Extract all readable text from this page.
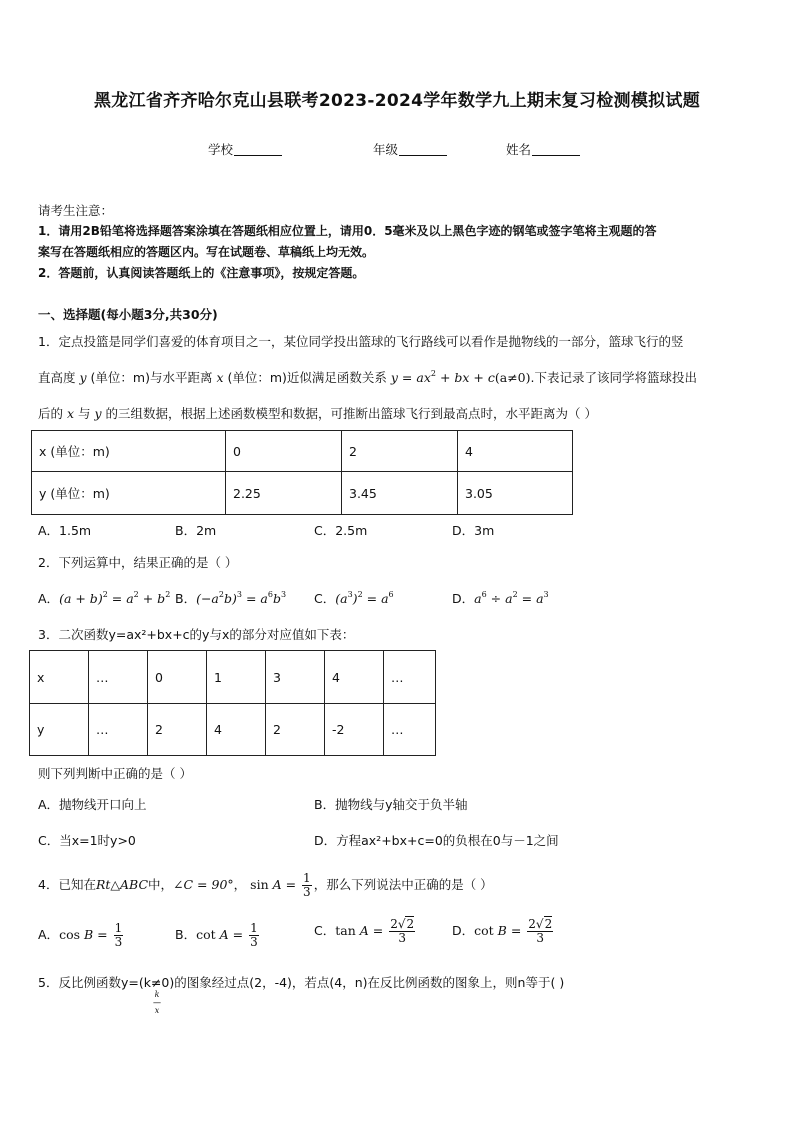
黑龙江省齐齐哈尔克山县联考2023-2024学年数学九上期末复习检测模拟试题
学校	年级	姓名
请考生注意：
1．请用2B铅笔将选择题答案涂填在答题纸相应位置上，请用0．5毫米及以上黑色字迹的钢笔或签字笔将主观题的答
案写在答题纸相应的答题区内。写在试题卷、草稿纸上均无效。
2．答题前，认真阅读答题纸上的《注意事项》，按规定答题。
一、选择题(每小题3分,共30分)
1．定点投篮是同学们喜爱的体育项目之一，某位同学投出篮球的飞行路线可以看作是抛物线的一部分，篮球飞行的竖
直高度 y (单位：m)与水平距离 x (单位：m)近似满足函数关系 $y = ax^2$ + bx + c(a≠0).下表记录了该同学将篮球投出
后的 x 与 y 的三组数据，根据上述函数模型和数据，可推断出篮球飞行到最高点时，水平距离为（ ）
x (单位：m)	0	2	4
y (单位：m)	2.25	3.45	3.05
A．1.5m	B．2m	C．2.5m	D．3m
2．下列运算中，结果正确的是（ ）
A．$(a + b)^2 = a^2 + b^2$ B．$(-a^2b)^3 = a^6b^3$ C．$(a^3)^2 = a^6$	D．$a^6 \div a^2 = a^3$
3．二次函数y=ax²+bx+c的y与x的部分对应值如下表：
x	…	0	1	3	4	…
y	…	2	4	2	-2	…
则下列判断中正确的是（ ）
A．抛物线开口向上	B．抛物线与y轴交于负半轴
C．当x=1时y>0	D．方程ax²+bx+c=0的负根在0与－1之间
4．已知在Rt△ABC中，∠C = 90°， $\sin A = \frac{1}{3}$ ，那么下列说法中正确的是（ ）
A．$\cos B = \frac{1}{3}$	B．$\cot A = \frac{1}{3}$	C．$\tan A = \frac{2√2}{3}$	D．$\cot B = \frac{2√2}{3}$
5．反比例函数y=(k≠0)的图象经过点(2，-4)，若点(4，n)在反比例函数的图象上，则n等于( )
k
—
x
